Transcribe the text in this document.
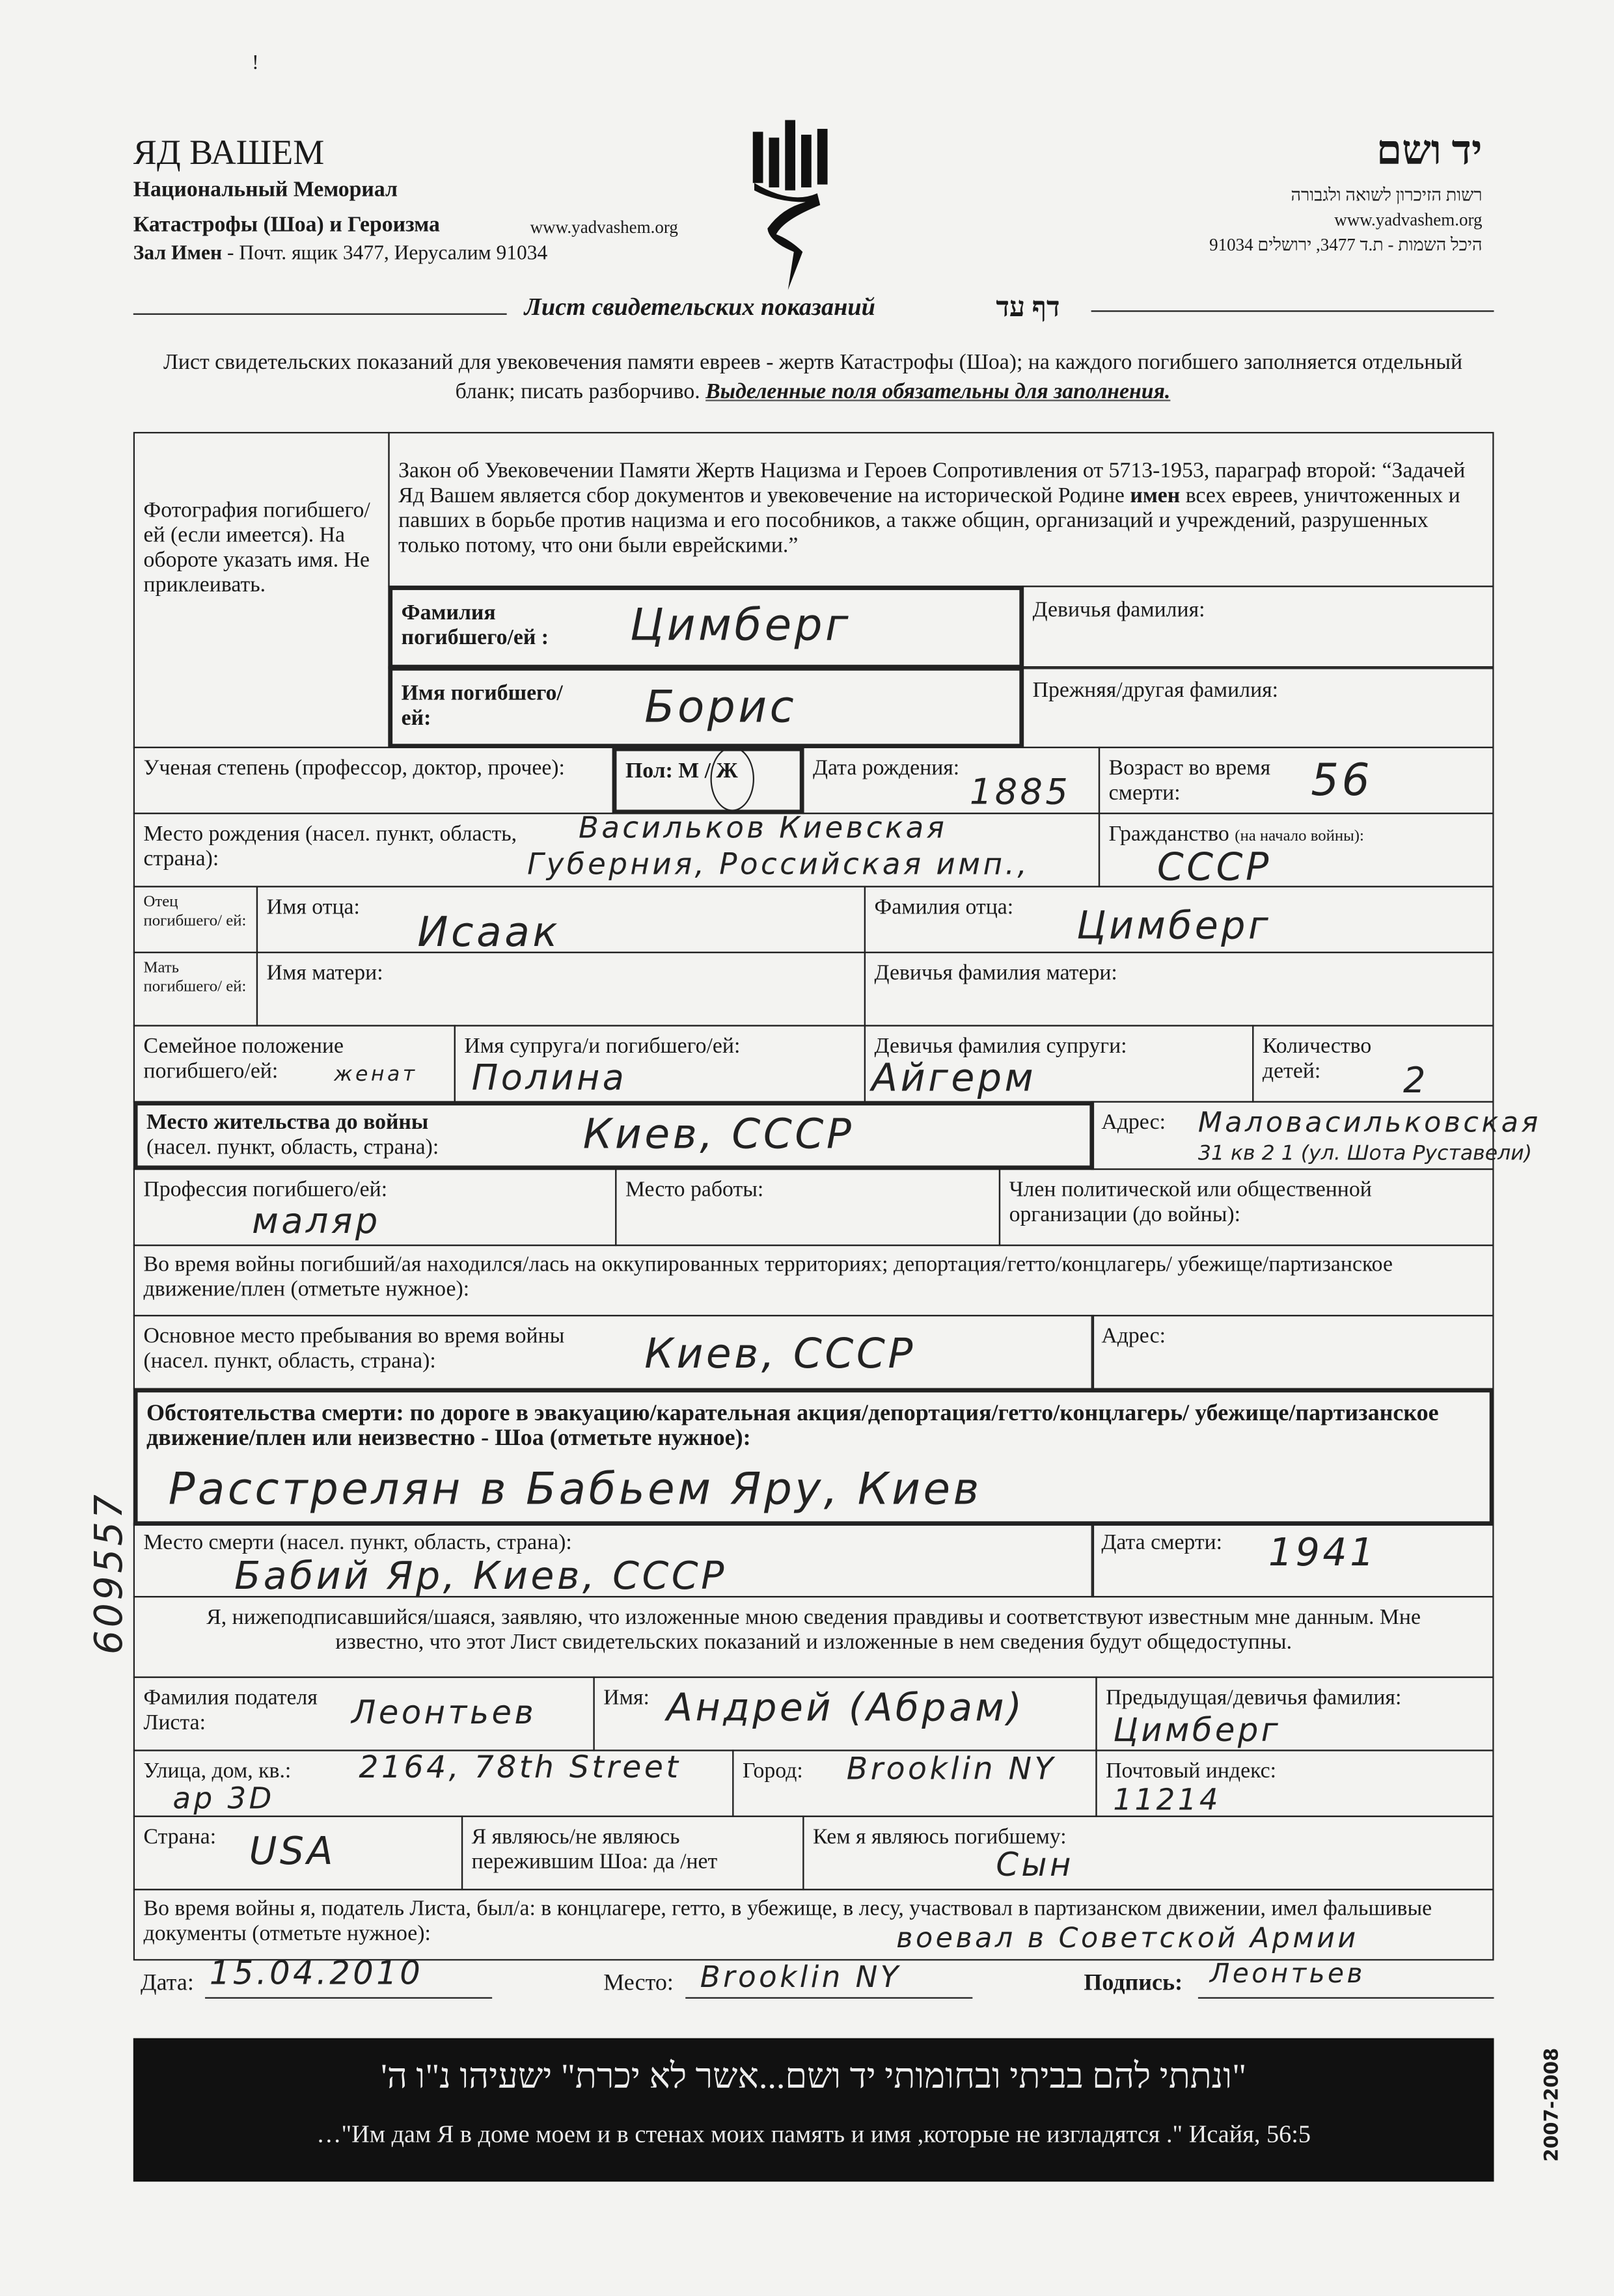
!
ЯД ВАШЕМ
Национальный Мемориал
Катастрофы (Шоа) и Героизма	www.yadvashem.org
Зал Имен - Почт. ящик 3477, Иерусалим 91034
יד ושם
רשות הזיכרון לשואה ולגבורה
www.yadvashem.org
היכל השמות - ת.ד 3477, ירושלים 91034
Лист свидетельских показаний	דף עד
Лист свидетельских показаний для увековечения памяти евреев - жертв Катастрофы (Шоа); на каждого погибшего заполняется отдельный бланк; писать разборчиво. Выделенные поля обязательны для заполнения.
Фотография погибшего/ей (если имеется). На обороте указать имя. Не приклеивать.
Закон об Увековечении Памяти Жертв Нацизма и Героев Сопротивления от 5713-1953, параграф второй: “Задачей Яд Вашем является сбор документов и увековечение на исторической Родине имен всех евреев, уничтоженных и павших в борьбе против нацизма и его пособников, а также общин, организаций и учреждений, разрушенных только потому, что они были еврейскими.”
Фамилия погибшего/ей :	Цимберг	Девичья фамилия:
Имя погибшего/ей:	Борис	Прежняя/другая фамилия:
Ученая степень (профессор, доктор, прочее):	Пол: М / Ж	Дата рождения:
1885
Возраст во время смерти:	56
Место рождения (насел. пункт, область, страна):
Васильков Киевская
Губерния, Российская имп.,
Гражданство (на начало войны):
СССР
Отец погибшего/ ей:
Имя отца:	Исаак	Фамилия отца:	Цимберг
Мать погибшего/ ей:
Имя матери:	Девичья фамилия матери:
Семейное положение погибшего/ей:	женат
Имя супруга/и погибшего/ей:
Полина
Девичья фамилия супруги:
Айгерм
Количество детей:	2
Место жительства до войны
(насел. пункт, область, страна):	Киев, СССР	Адрес:	Маловасильковская
31 кв 2 1 (ул. Шота Руставели)
Профессия погибшего/ей:
маляр
Место работы:	Член политической или общественной организации (до войны):
Во время войны погибший/ая находился/лась на оккупированных территориях; депортация/гетто/концлагерь/ убежище/партизанское движение/плен (отметьте нужное):
Основное место пребывания во время войны (насел. пункт, область, страна):	Киев, СССР	Адрес:
Обстоятельства смерти: по дороге в эвакуацию/карательная акция/депортация/гетто/концлагерь/ убежище/партизанское движение/плен или неизвестно - Шоа (отметьте нужное):
Расстрелян в Бабьем Яру, Киев
Место смерти (насел. пункт, область, страна):
Бабий Яр, Киев, СССР
Дата смерти:	1941
Я, нижеподписавшийся/шаяся, заявляю, что изложенные мною сведения правдивы и соответствуют известным мне данным. Мне известно, что этот Лист свидетельских показаний и изложенные в нем сведения будут общедоступны.
Фамилия подателя Листа:	Леонтьев	Имя:	Андрей (Абрам)	Предыдущая/девичья фамилия:
Цимберг
Улица, дом, кв.:	2164, 78th Street
ap 3D
Город:	Brooklin NY	Почтовый индекс:
11214
Страна:	USA	Я являюсь/не являюсь пережившим Шоа: да /нет
Кем я являюсь погибшему:
Сын
Во время войны я, податель Листа, был/а: в концлагере, гетто, в убежище, в лесу, участвовал в партизанском движении, имел фальшивые документы (отметьте нужное):	воевал в Советской Армии
Дата: 15.04.2010	Место: Brooklin NY	Подпись: Леонтьев
"ונתתי להם בביתי ובחומותי יד ושם...אשר לא יכרת" ישעיהו נ"ו ה'
…"Им дам Я в доме моем и в стенах моих память и имя ,которые не изгладятся ." Исайя, 56:5	2007-2008
609557
